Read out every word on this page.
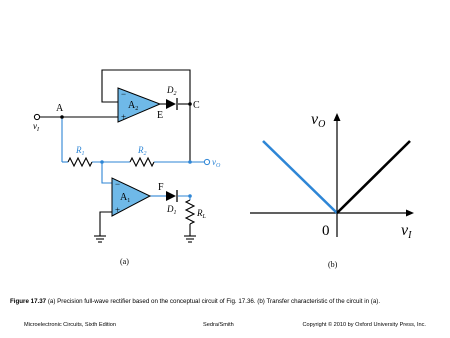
A	C
E
F
$v_I$
$v_O$
−
+
$A_2$
−
+
$A_1$
$D_2$
$D_1$
$R_1$	$R_2$
$R_L$
(a)
vO
vI
0
(b)
Figure 17.37 (a) Precision full-wave rectifier based on the conceptual circuit of Fig. 17.36. (b) Transfer characteristic of the circuit in (a).
Microelectronic Circuits, Sixth Edition	Sedra/Smith	Copyright © 2010 by Oxford University Press, Inc.
